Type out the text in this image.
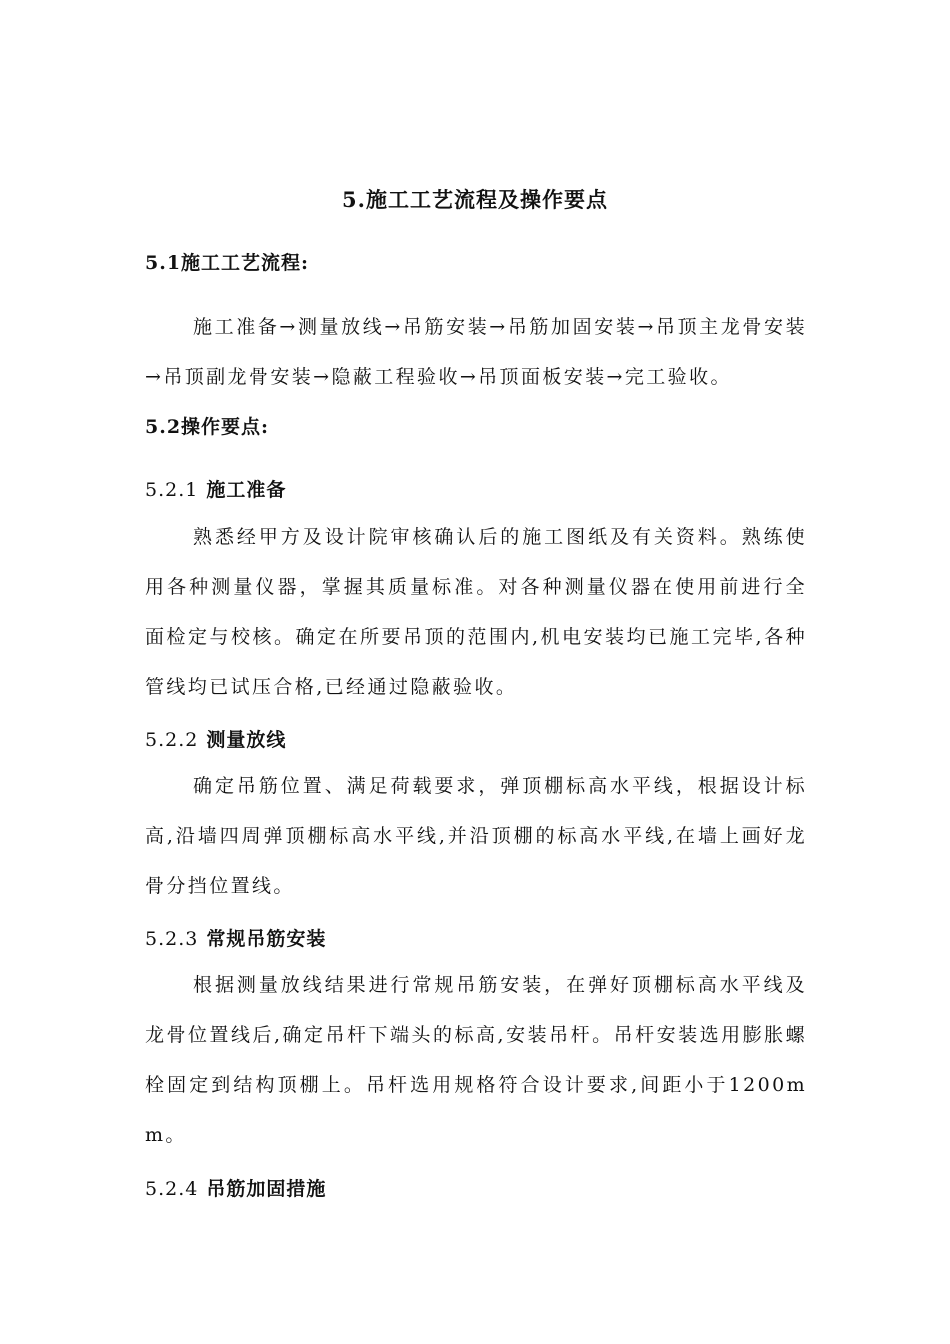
5.施工工艺流程及操作要点
5.1施工工艺流程:
施工准备→测量放线→吊筋安装→吊筋加固安装→吊顶主龙骨安装→吊顶副龙骨安装→隐蔽工程验收→吊顶面板安装→完工验收。
5.2操作要点:
5.2.1 施工准备
熟悉经甲方及设计院审核确认后的施工图纸及有关资料。熟练使用各种测量仪器，掌握其质量标准。对各种测量仪器在使用前进行全面检定与校核。确定在所要吊顶的范围内,机电安装均已施工完毕,各种管线均已试压合格,已经通过隐蔽验收。
5.2.2 测量放线
确定吊筋位置、满足荷载要求，弹顶棚标高水平线，根据设计标高,沿墙四周弹顶棚标高水平线,并沿顶棚的标高水平线,在墙上画好龙骨分挡位置线。
5.2.3 常规吊筋安装
根据测量放线结果进行常规吊筋安装，在弹好顶棚标高水平线及龙骨位置线后,确定吊杆下端头的标高,安装吊杆。吊杆安装选用膨胀螺栓固定到结构顶棚上。吊杆选用规格符合设计要求,间距小于1200mm。
5.2.4 吊筋加固措施
